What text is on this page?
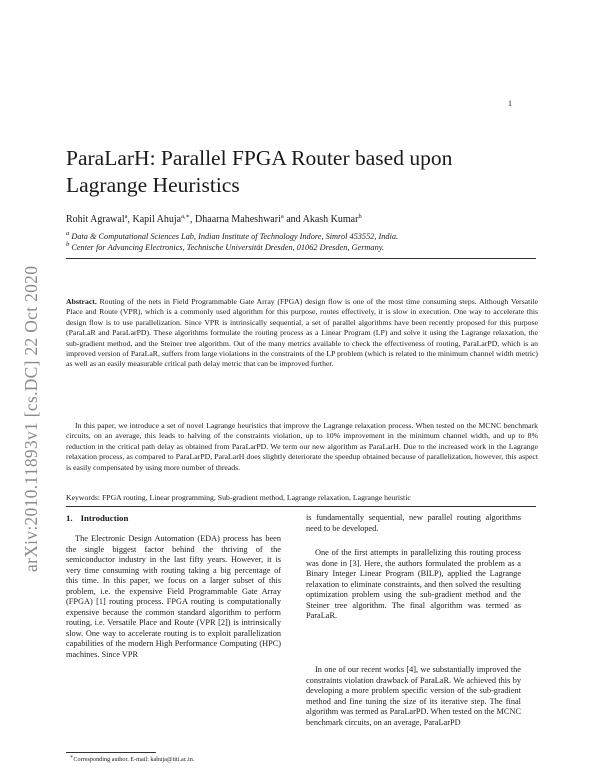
arXiv:2010.11893v1 [cs.DC] 22 Oct 2020
1
ParaLarH: Parallel FPGA Router based upon Lagrange Heuristics
Rohit Agrawal$^a$, Kapil Ahuja$^{a,∗}$, Dhaarna Maheshwari$^a$ and Akash Kumar$^b$
$^a$ Data & Computational Sciences Lab, Indian Institute of Technology Indore, Simrol 453552, India.
$^b$ Center for Advancing Electronics, Technische Universität Dresden, 01062 Dresden, Germany.

Abstract. Routing of the nets in Field Programmable Gate Array (FPGA) design flow is one of the most time consuming steps. Although Versatile Place and Route (VPR), which is a commonly used algorithm for this purpose, routes effectively, it is slow in execution. One way to accelerate this design flow is to use parallelization. Since VPR is intrinsically sequential, a set of parallel algorithms have been recently proposed for this purpose (ParaLaR and ParaLarPD). These algorithms formulate the routing process as a Linear Program (LP) and solve it using the Lagrange relaxation, the sub-gradient method, and the Steiner tree algorithm. Out of the many metrics available to check the effectiveness of routing, ParaLarPD, which is an improved version of ParaLaR, suffers from large violations in the constraints of the LP problem (which is related to the minimum channel width metric) as well as an easily measurable critical path delay metric that can be improved further.

In this paper, we introduce a set of novel Lagrange heuristics that improve the Lagrange relaxation process. When tested on the MCNC benchmark circuits, on an average, this leads to halving of the constraints violation, up to 10% improvement in the minimum channel width, and up to 8% reduction in the critical path delay as obtained from ParaLarPD. We term our new algorithm as ParaLarH. Due to the increased work in the Lagrange relaxation process, as compared to ParaLarPD, ParaLarH does slightly deteriorate the speedup obtained because of parallelization, however, this aspect is easily compensated by using more number of threads.

Keywords: FPGA routing, Linear programming, Sub-gradient method, Lagrange relaxation, Lagrange heuristic
1. Introduction

The Electronic Design Automation (EDA) process has been the single biggest factor behind the thriving of the semiconductor industry in the last fifty years. However, it is very time consuming with routing taking a big percentage of this time. In this paper, we focus on a larger subset of this problem, i.e. the expensive Field Programmable Gate Array (FPGA) [1] routing process. FPGA routing is computationally expensive because the common standard algorithm to perform routing, i.e. Versatile Place and Route (VPR [2]) is intrinsically slow. One way to accelerate routing is to exploit parallelization capabilities of the modern High Performance Computing (HPC) machines. Since VPR

is fundamentally sequential, new parallel routing algorithms need to be developed.

One of the first attempts in parallelizing this routing process was done in [3]. Here, the authors formulated the problem as a Binary Integer Linear Program (BILP), applied the Lagrange relaxation to eliminate constraints, and then solved the resulting optimization problem using the sub-gradient method and the Steiner tree algorithm. The final algorithm was termed as ParaLaR.

In one of our recent works [4], we substantially improved the constraints violation drawback of ParaLaR. We achieved this by developing a more problem specific version of the sub-gradient method and fine tuning the size of its iterative step. The final algorithm was termed as ParaLarPD. When tested on the MCNC benchmark circuits, on an average, ParaLarPD

∗Corresponding author. E-mail: kahuja@iiti.ac.in.
